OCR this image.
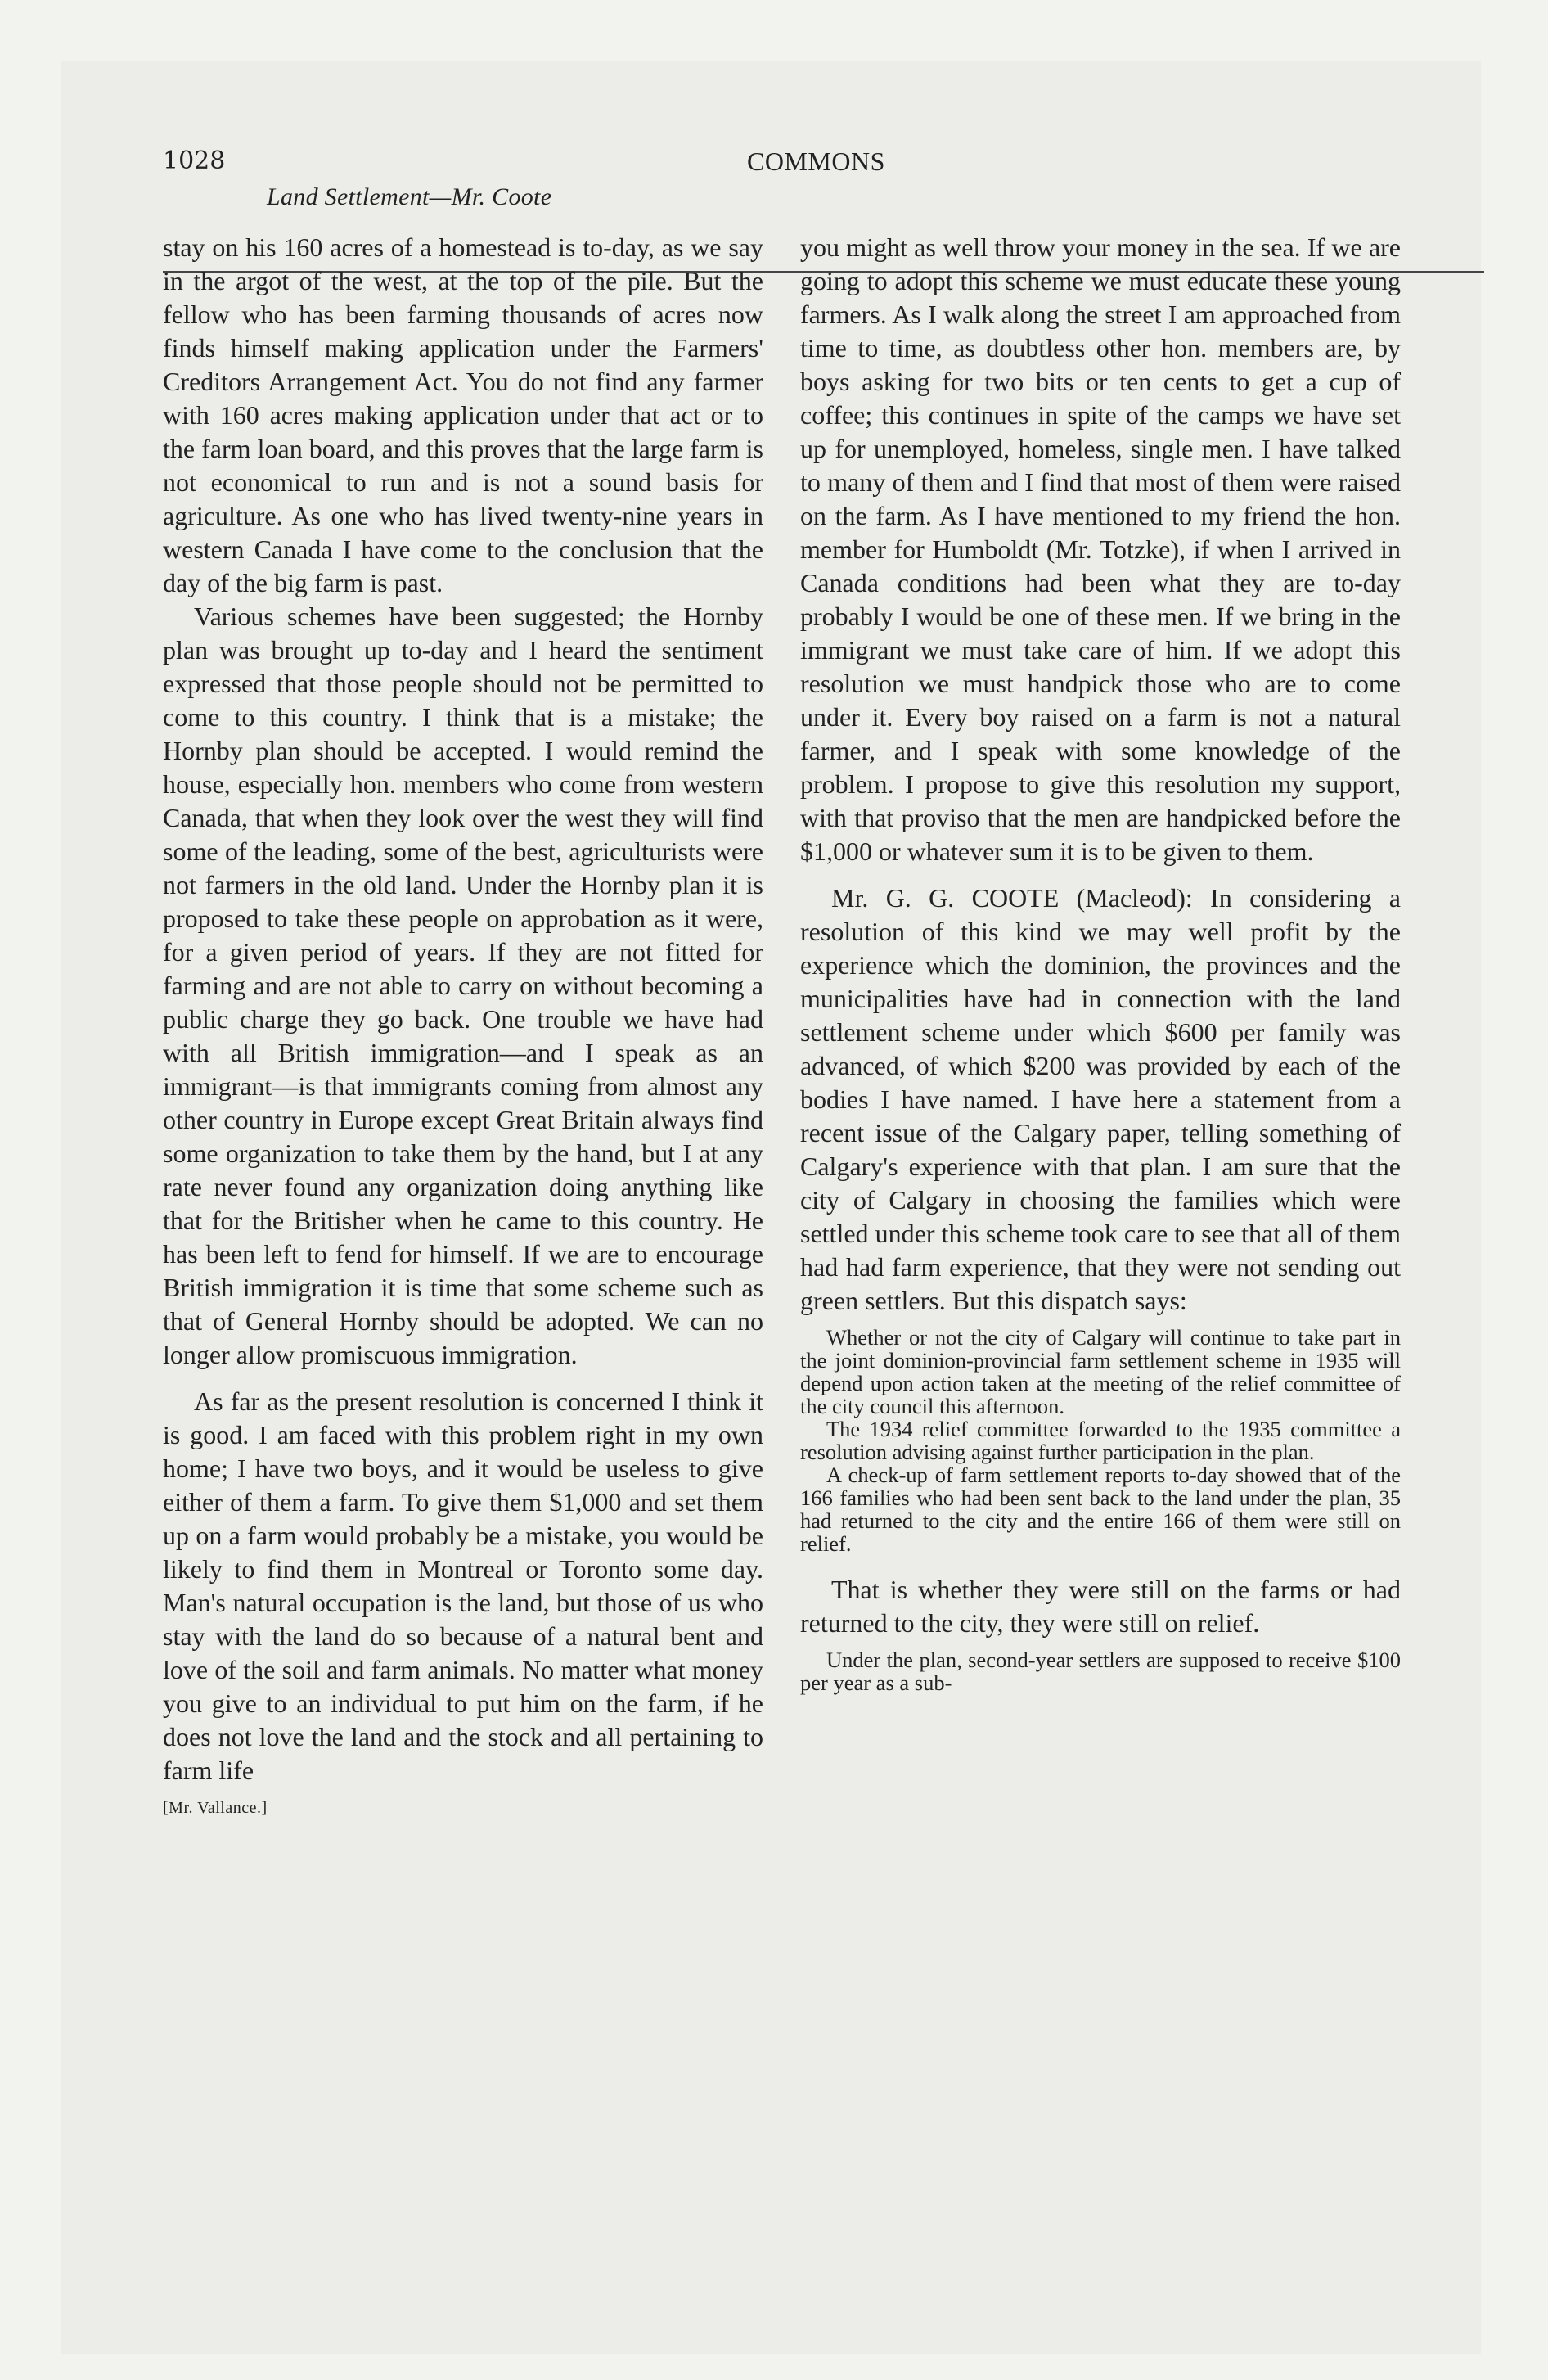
1028	COMMONS
Land Settlement—Mr. Coote

stay on his 160 acres of a homestead is to-day, as we say in the argot of the west, at the top of the pile. But the fellow who has been farming thousands of acres now finds himself making application under the Farmers' Creditors Arrangement Act. You do not find any farmer with 160 acres making application under that act or to the farm loan board, and this proves that the large farm is not economical to run and is not a sound basis for agriculture. As one who has lived twenty-nine years in western Canada I have come to the conclusion that the day of the big farm is past.

Various schemes have been suggested; the Hornby plan was brought up to-day and I heard the sentiment expressed that those people should not be permitted to come to this country. I think that is a mistake; the Hornby plan should be accepted. I would remind the house, especially hon. members who come from western Canada, that when they look over the west they will find some of the leading, some of the best, agriculturists were not farmers in the old land. Under the Hornby plan it is proposed to take these people on approbation as it were, for a given period of years. If they are not fitted for farming and are not able to carry on without becoming a public charge they go back. One trouble we have had with all British immigration—and I speak as an immigrant—is that immigrants coming from almost any other country in Europe except Great Britain always find some organization to take them by the hand, but I at any rate never found any organization doing anything like that for the Britisher when he came to this country. He has been left to fend for himself. If we are to encourage British immigration it is time that some scheme such as that of General Hornby should be adopted. We can no longer allow promiscuous immigration.

As far as the present resolution is concerned I think it is good. I am faced with this problem right in my own home; I have two boys, and it would be useless to give either of them a farm. To give them $1,000 and set them up on a farm would probably be a mistake, you would be likely to find them in Montreal or Toronto some day. Man's natural occupation is the land, but those of us who stay with the land do so because of a natural bent and love of the soil and farm animals. No matter what money you give to an individual to put him on the farm, if he does not love the land and the stock and all pertaining to farm life

[Mr. Vallance.]

you might as well throw your money in the sea. If we are going to adopt this scheme we must educate these young farmers. As I walk along the street I am approached from time to time, as doubtless other hon. members are, by boys asking for two bits or ten cents to get a cup of coffee; this continues in spite of the camps we have set up for unemployed, homeless, single men. I have talked to many of them and I find that most of them were raised on the farm. As I have mentioned to my friend the hon. member for Humboldt (Mr. Totzke), if when I arrived in Canada conditions had been what they are to-day probably I would be one of these men. If we bring in the immigrant we must take care of him. If we adopt this resolution we must handpick those who are to come under it. Every boy raised on a farm is not a natural farmer, and I speak with some knowledge of the problem. I propose to give this resolution my support, with that proviso that the men are handpicked before the $1,000 or whatever sum it is to be given to them.

Mr. G. G. COOTE (Macleod): In considering a resolution of this kind we may well profit by the experience which the dominion, the provinces and the municipalities have had in connection with the land settlement scheme under which $600 per family was advanced, of which $200 was provided by each of the bodies I have named. I have here a statement from a recent issue of the Calgary paper, telling something of Calgary's experience with that plan. I am sure that the city of Calgary in choosing the families which were settled under this scheme took care to see that all of them had had farm experience, that they were not sending out green settlers. But this dispatch says:

Whether or not the city of Calgary will continue to take part in the joint dominion-provincial farm settlement scheme in 1935 will depend upon action taken at the meeting of the relief committee of the city council this afternoon.

The 1934 relief committee forwarded to the 1935 committee a resolution advising against further participation in the plan.

A check-up of farm settlement reports to-day showed that of the 166 families who had been sent back to the land under the plan, 35 had returned to the city and the entire 166 of them were still on relief.

That is whether they were still on the farms or had returned to the city, they were still on relief.

Under the plan, second-year settlers are supposed to receive $100 per year as a sub-
